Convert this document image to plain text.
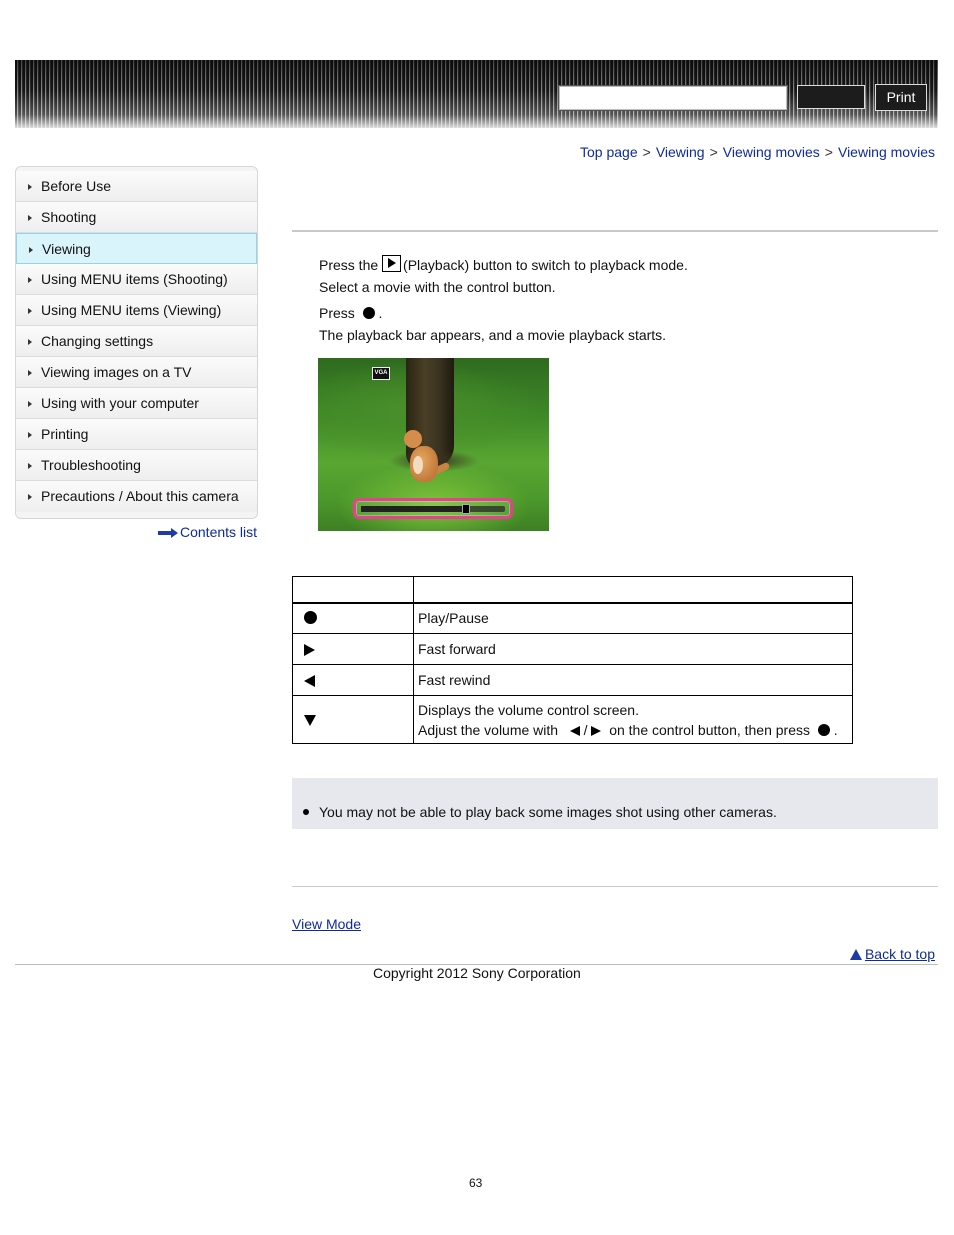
Print
Top page > Viewing > Viewing movies > Viewing movies
Before Use
Shooting
Viewing
Using MENU items (Shooting)
Using MENU items (Viewing)
Changing settings
Viewing images on a TV
Using with your computer
Printing
Troubleshooting
Precautions / About this camera
Contents list
Press the (Playback) button to switch to playback mode.
Select a movie with the control button.
Press .
The playback bar appears, and a movie playback starts.
VGA

	Play/Pause
	Fast forward
	Fast rewind

	Displays the volume control screen.
Adjust the volume with / on the control button, then press .
You may not be able to play back some images shot using other cameras.
View Mode
Back to top
Copyright 2012 Sony Corporation
63
